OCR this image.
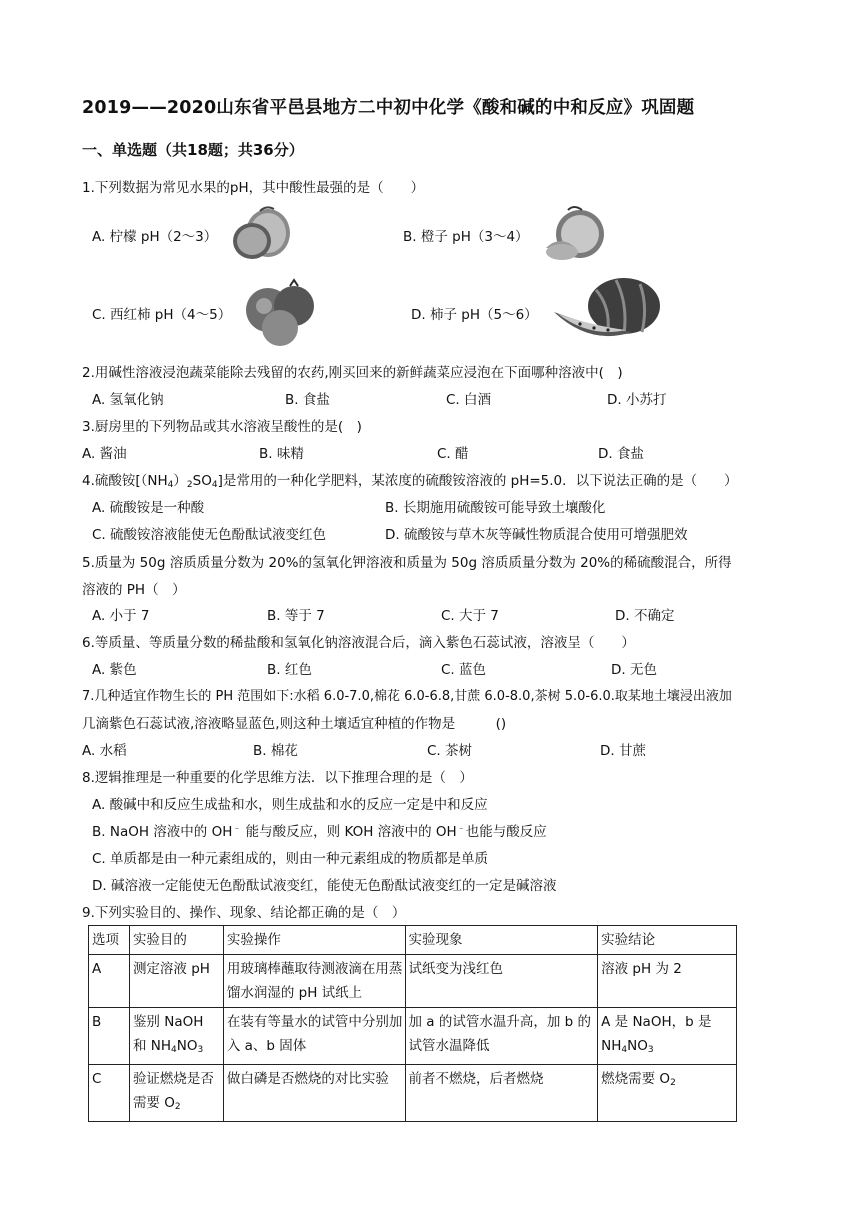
2019——2020山东省平邑县地方二中初中化学《酸和碱的中和反应》巩固题
一、单选题（共18题；共36分）
1.下列数据为常见水果的pH，其中酸性最强的是（　　）
A. 柠檬 pH（2～3）	B. 橙子 pH（3～4）
C. 西红柿 pH（4～5）	D. 柿子 pH（5～6）
2.用碱性溶液浸泡蔬菜能除去残留的农药,刚买回来的新鲜蔬菜应浸泡在下面哪种溶液中(　)
A. 氢氧化钠	B. 食盐	C. 白酒	D. 小苏打
3.厨房里的下列物品或其水溶液呈酸性的是(　)
A. 酱油	B. 味精	C. 醋	D. 食盐
4.硫酸铵$[(NH_4)_2SO_4]$是常用的一种化学肥料，某浓度的硫酸铵溶液的 pH=5.0．以下说法正确的是（　　）
A. 硫酸铵是一种酸	B. 长期施用硫酸铵可能导致土壤酸化
C. 硫酸铵溶液能使无色酚酞试液变红色	D. 硫酸铵与草木灰等碱性物质混合使用可增强肥效
5.质量为 50g 溶质质量分数为 20%的氢氧化钾溶液和质量为 50g 溶质质量分数为 20%的稀硫酸混合，所得
溶液的 PH（　）
A. 小于 7	B. 等于 7	C. 大于 7	D. 不确定
6.等质量、等质量分数的稀盐酸和氢氧化钠溶液混合后，滴入紫色石蕊试液，溶液呈（　　）
A. 紫色	B. 红色	C. 蓝色	D. 无色
7.几种适宜作物生长的 PH 范围如下:水稻 6.0-7.0,棉花 6.0-6.8,甘蔗 6.0-8.0,茶树 5.0-6.0.取某地土壤浸出液加
几滴紫色石蕊试液,溶液略显蓝色,则这种土壤适宜种植的作物是　　　()
A. 水稻	B. 棉花	C. 茶树	D. 甘蔗
8.逻辑推理是一种重要的化学思维方法．以下推理合理的是（　）
A. 酸碱中和反应生成盐和水，则生成盐和水的反应一定是中和反应
B. NaOH 溶液中的 OH﹣ 能与酸反应，则 KOH 溶液中的 OH﹣也能与酸反应
C. 单质都是由一种元素组成的，则由一种元素组成的物质都是单质
D. 碱溶液一定能使无色酚酞试液变红，能使无色酚酞试液变红的一定是碱溶液
9.下列实验目的、操作、现象、结论都正确的是（　）
选项	实验目的	实验操作	实验现象	实验结论
A	测定溶液 pH	用玻璃棒蘸取待测液滴在用蒸馏水润湿的 pH 试纸上	试纸变为浅红色	溶液 pH 为 2
B	鉴别 NaOH 和 $NH_4NO_3$	在装有等量水的试管中分别加入 a、b 固体	加 a 的试管水温升高，加 b 的试管水温降低	A 是 NaOH，b 是 $NH_4NO_3$
C	验证燃烧是否需要 $O_2$	做白磷是否燃烧的对比实验	前者不燃烧，后者燃烧	燃烧需要 $O_2$
